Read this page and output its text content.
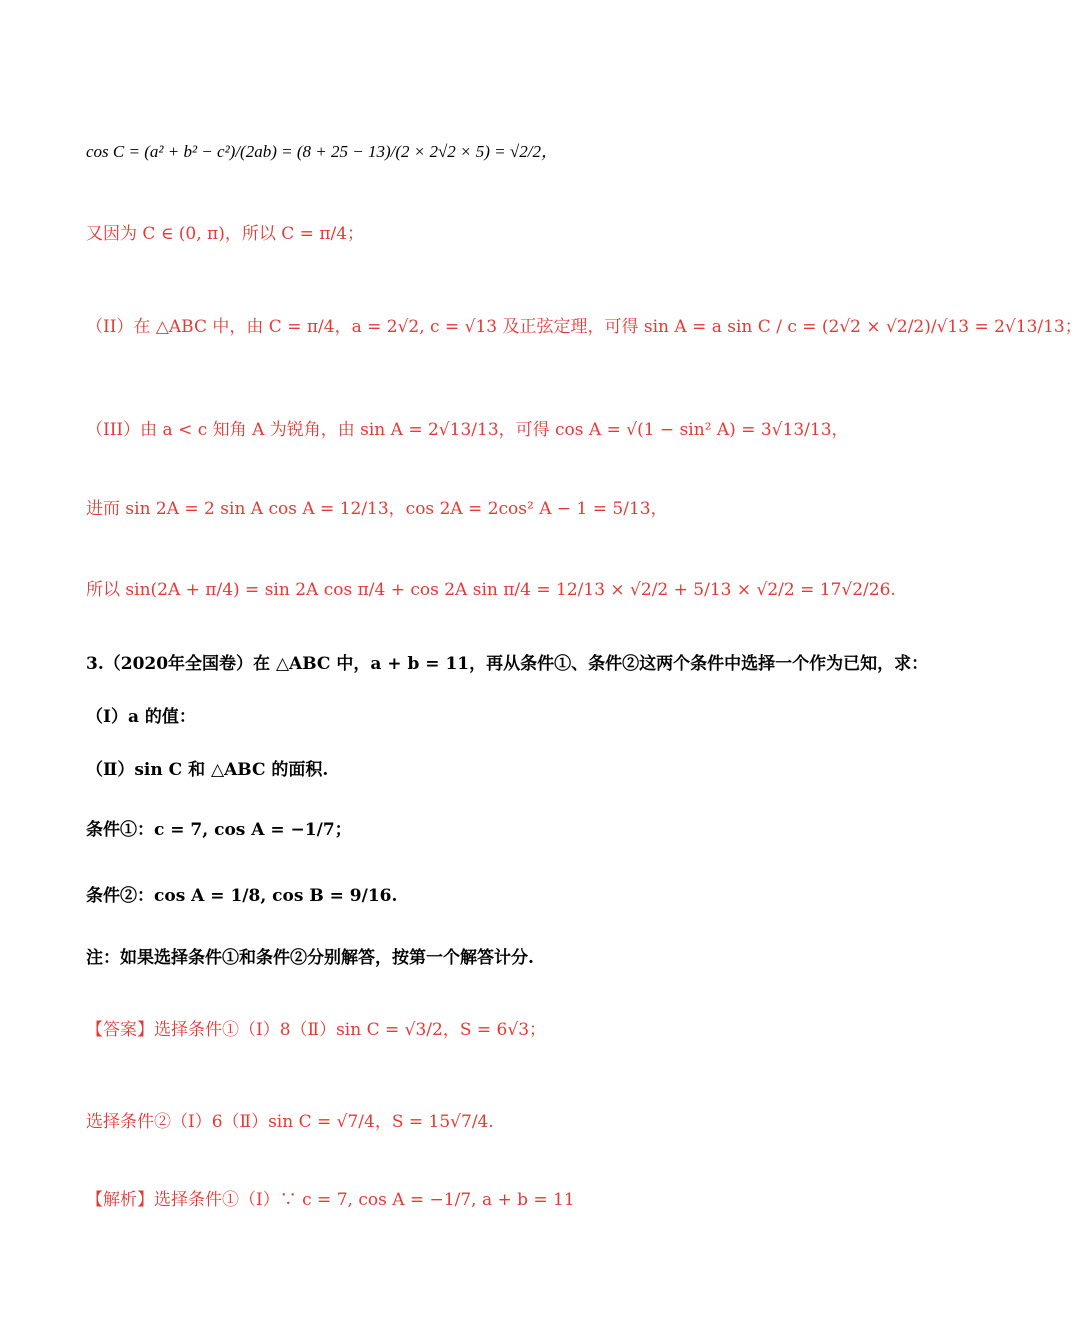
cos C = (a² + b² − c²)/(2ab) = (8 + 25 − 13)/(2 × 2√2 × 5) = √2/2，
又因为 C ∈ (0, π)，所以 C = π/4；
（II）在 △ABC 中，由 C = π/4，a = 2√2, c = √13 及正弦定理，可得 sin A = a sin C / c = (2√2 × √2/2)/√13 = 2√13/13；
（III）由 a < c 知角 A 为锐角，由 sin A = 2√13/13，可得 cos A = √(1 − sin² A) = 3√13/13，
进而 sin 2A = 2 sin A cos A = 12/13，cos 2A = 2cos² A − 1 = 5/13，
所以 sin(2A + π/4) = sin 2A cos π/4 + cos 2A sin π/4 = 12/13 × √2/2 + 5/13 × √2/2 = 17√2/26.
3.（2020年全国卷）在 △ABC 中，a + b = 11，再从条件①、条件②这两个条件中选择一个作为已知，求：
（Ⅰ）a 的值：
（Ⅱ）sin C 和 △ABC 的面积.
条件①：c = 7, cos A = −1/7；
条件②：cos A = 1/8, cos B = 9/16.
注：如果选择条件①和条件②分别解答，按第一个解答计分.
【答案】选择条件①（Ⅰ）8（Ⅱ）sin C = √3/2，S = 6√3；
选择条件②（Ⅰ）6（Ⅱ）sin C = √7/4，S = 15√7/4.
【解析】选择条件①（Ⅰ）∵ c = 7, cos A = −1/7, a + b = 11
